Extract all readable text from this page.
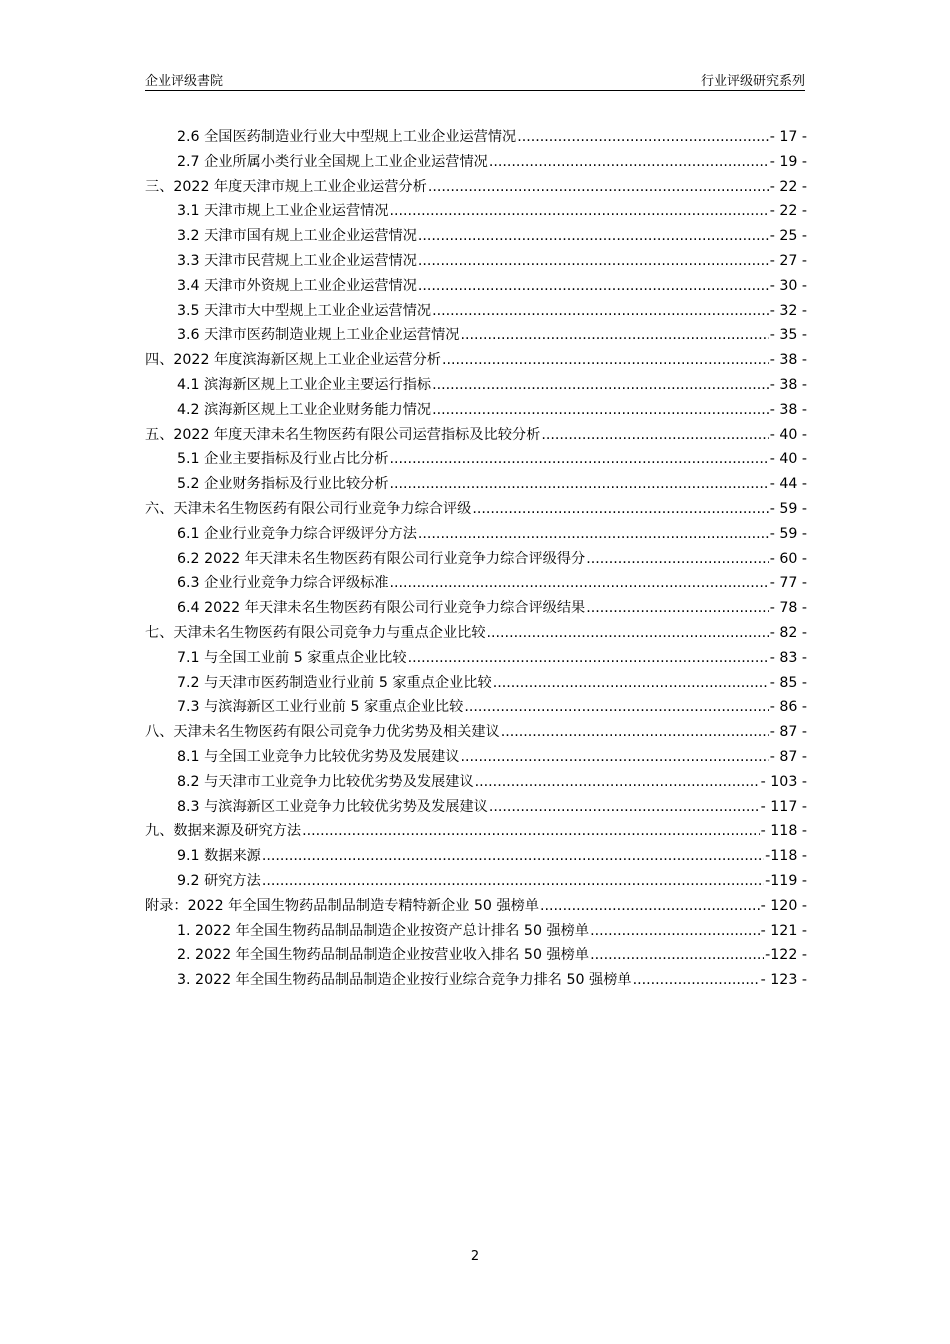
企业评级書院	行业评级研究系列
2.6 全国医药制造业行业大中型规上工业企业运营情况 .....	- 17 -
2.7 企业所属小类行业全国规上工业企业运营情况 .....	- 19 -
三、2022 年度天津市规上工业企业运营分析 .....	- 22 -
3.1 天津市规上工业企业运营情况 .....	- 22 -
3.2 天津市国有规上工业企业运营情况 .....	- 25 -
3.3 天津市民营规上工业企业运营情况 .....	- 27 -
3.4 天津市外资规上工业企业运营情况 .....	- 30 -
3.5 天津市大中型规上工业企业运营情况 .....	- 32 -
3.6 天津市医药制造业规上工业企业运营情况 .....	- 35 -
四、2022 年度滨海新区规上工业企业运营分析 .....	- 38 -
4.1 滨海新区规上工业企业主要运行指标 .....	- 38 -
4.2 滨海新区规上工业企业财务能力情况 .....	- 38 -
五、2022 年度天津未名生物医药有限公司运营指标及比较分析 .....	- 40 -
5.1 企业主要指标及行业占比分析 .....	- 40 -
5.2 企业财务指标及行业比较分析 .....	- 44 -
六、天津未名生物医药有限公司行业竞争力综合评级 .....	- 59 -
6.1 企业行业竞争力综合评级评分方法 .....	- 59 -
6.2 2022 年天津未名生物医药有限公司行业竞争力综合评级得分 .....	- 60 -
6.3 企业行业竞争力综合评级标准 .....	- 77 -
6.4 2022 年天津未名生物医药有限公司行业竞争力综合评级结果 .....	- 78 -
七、天津未名生物医药有限公司竞争力与重点企业比较 .....	- 82 -
7.1 与全国工业前 5 家重点企业比较 .....	- 83 -
7.2 与天津市医药制造业行业前 5 家重点企业比较 .....	- 85 -
7.3 与滨海新区工业行业前 5 家重点企业比较 .....	- 86 -
八、天津未名生物医药有限公司竞争力优劣势及相关建议 .....	- 87 -
8.1 与全国工业竞争力比较优劣势及发展建议 .....	- 87 -
8.2 与天津市工业竞争力比较优劣势及发展建议 .....	- 103 -
8.3 与滨海新区工业竞争力比较优劣势及发展建议 .....	- 117 -
九、数据来源及研究方法 .....	- 118 -
9.1 数据来源 .....	-118 -
9.2 研究方法 .....	-119 -
附录：2022 年全国生物药品制品制造专精特新企业 50 强榜单 .....	- 120 -
1. 2022 年全国生物药品制品制造企业按资产总计排名 50 强榜单 .....	- 121 -
2. 2022 年全国生物药品制品制造企业按营业收入排名 50 强榜单 .....	-122 -
3. 2022 年全国生物药品制品制造企业按行业综合竞争力排名 50 强榜单 .....	- 123 -
2
